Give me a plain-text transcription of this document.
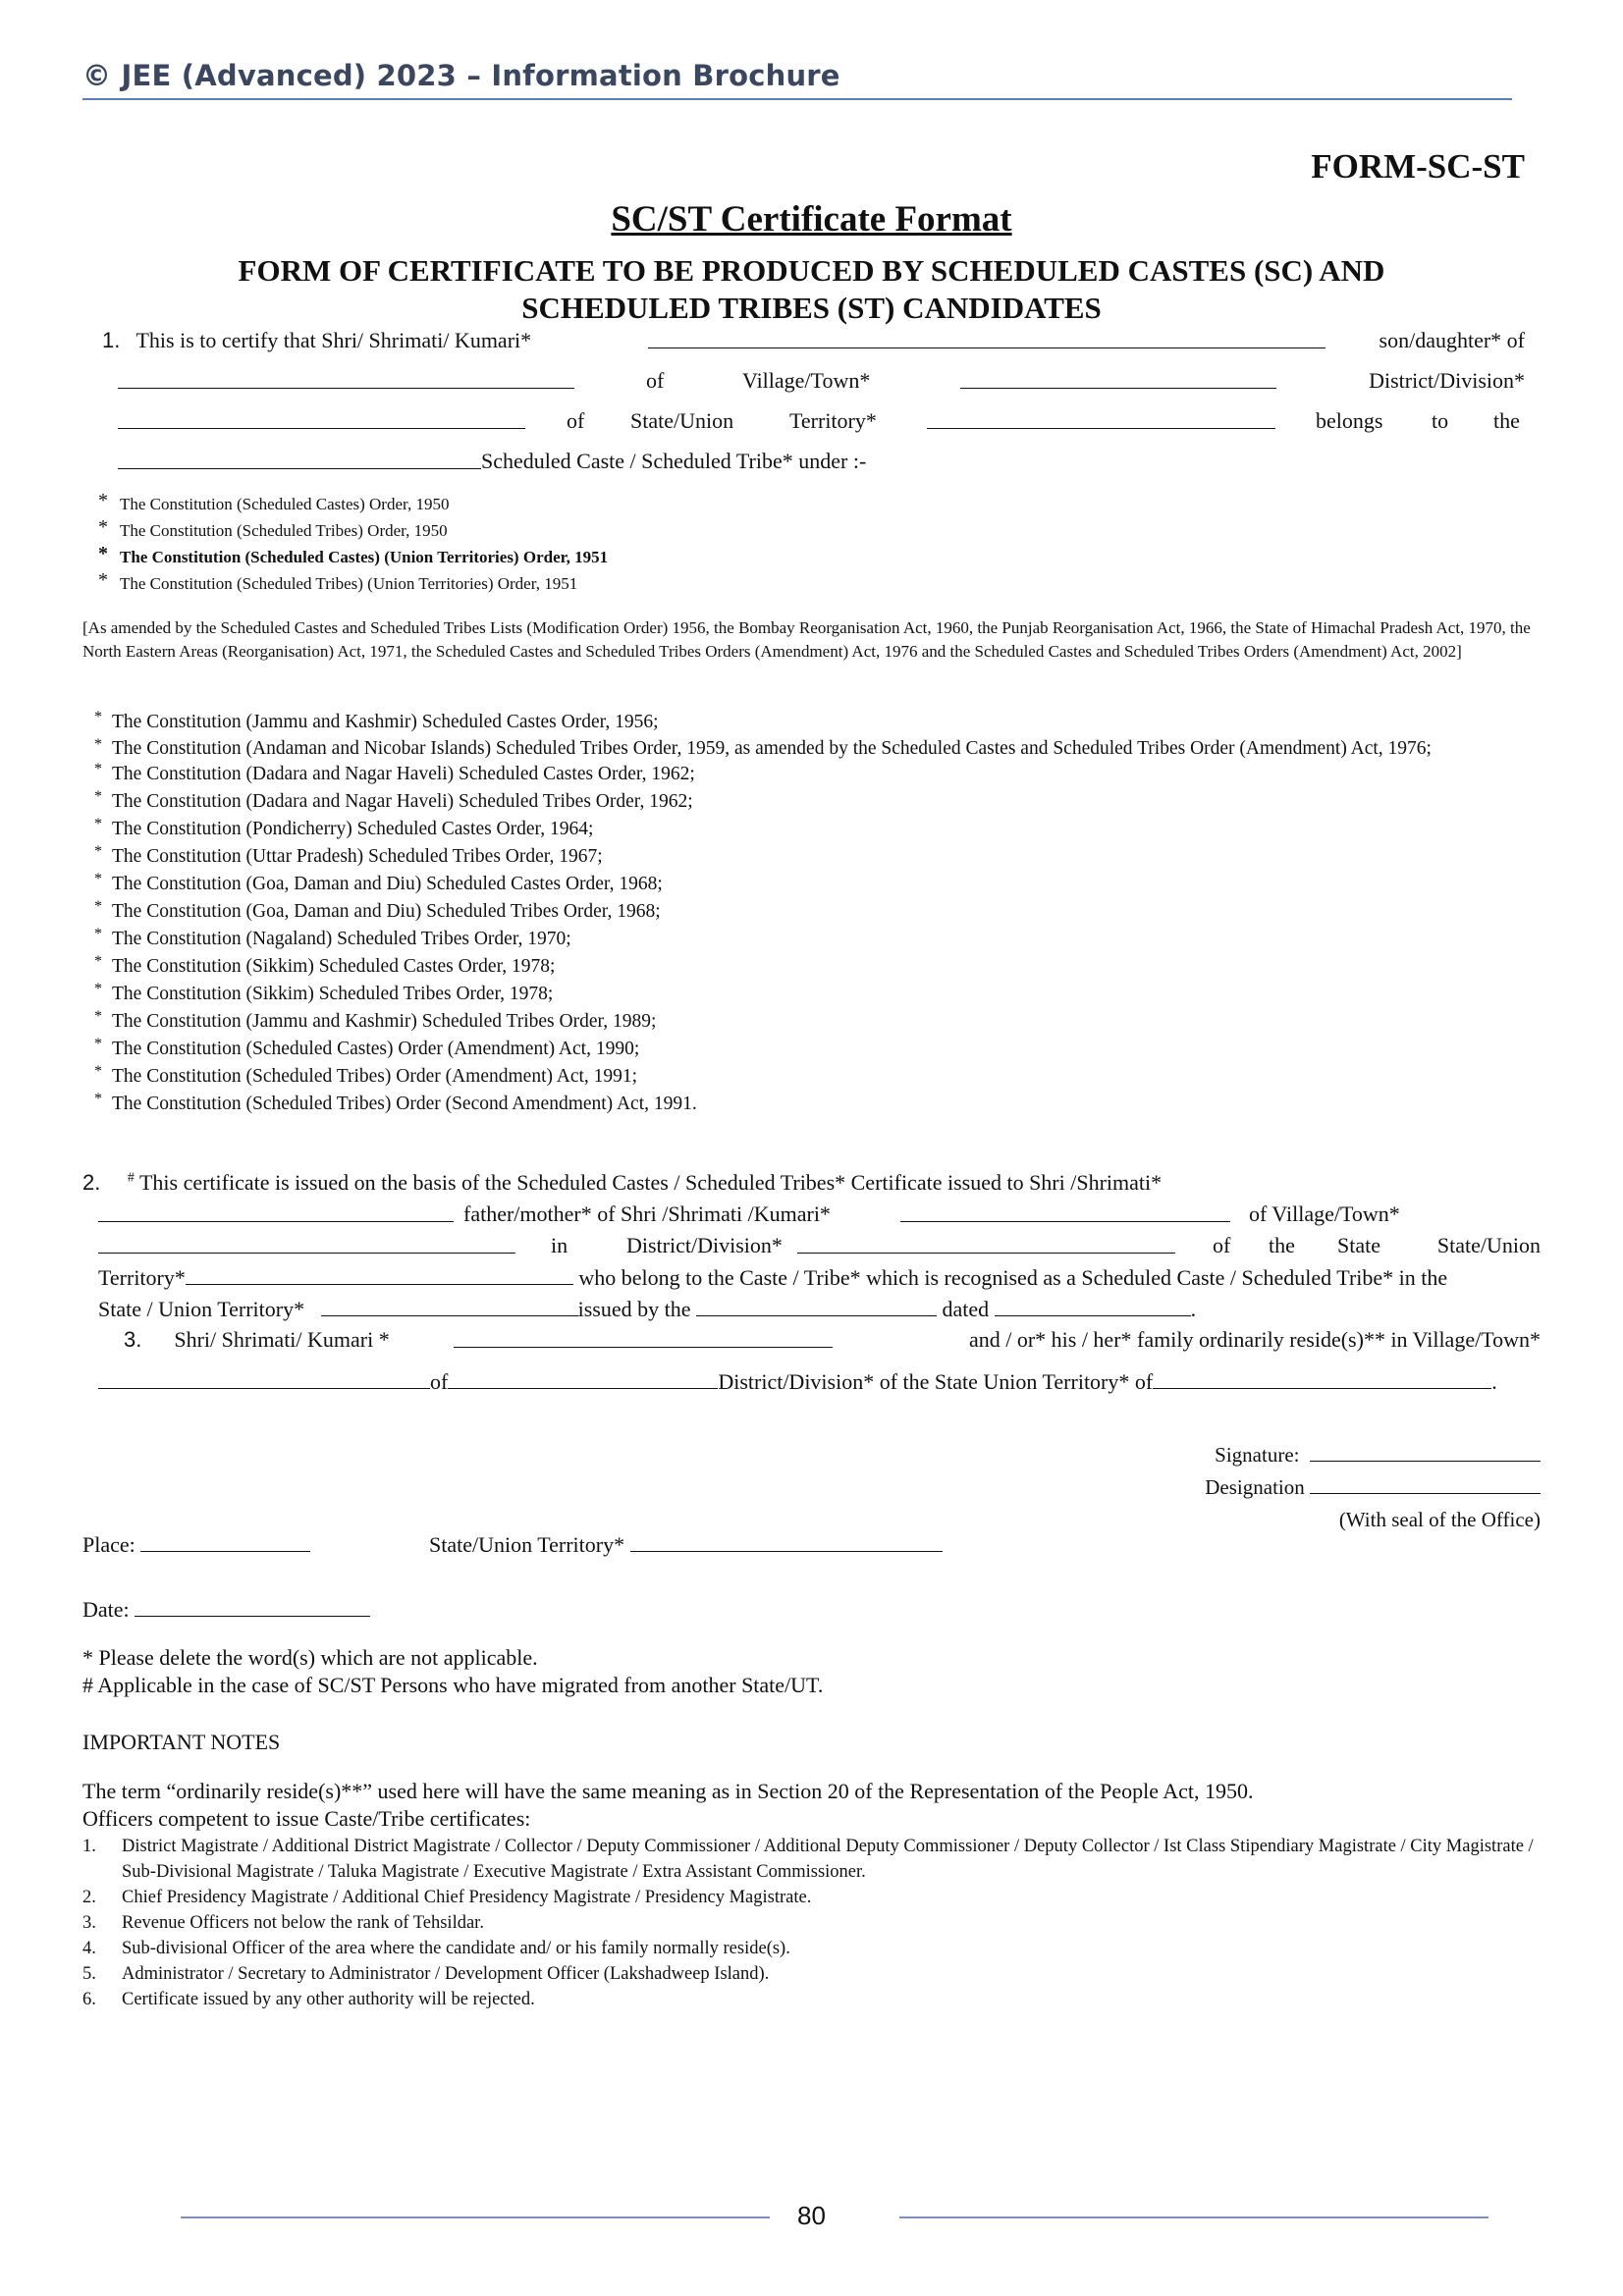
© JEE (Advanced) 2023 – Information Brochure
FORM-SC-ST
SC/ST Certificate Format
FORM OF CERTIFICATE TO BE PRODUCED BY SCHEDULED CASTES (SC) AND
SCHEDULED TRIBES (ST) CANDIDATES
1. This is to certify that Shri/ Shrimati/ Kumari*	son/daughter* of
of	Village/Town*	District/Division*
of State/Union	Territory*	belongs to the
Scheduled Caste / Scheduled Tribe* under :-
* The Constitution (Scheduled Castes) Order, 1950
* The Constitution (Scheduled Tribes) Order, 1950
* The Constitution (Scheduled Castes) (Union Territories) Order, 1951
* The Constitution (Scheduled Tribes) (Union Territories) Order, 1951
[As amended by the Scheduled Castes and Scheduled Tribes Lists (Modification Order) 1956, the Bombay Reorganisation Act, 1960, the Punjab Reorganisation Act, 1966, the State of Himachal Pradesh Act, 1970, the North Eastern Areas (Reorganisation) Act, 1971, the Scheduled Castes and Scheduled Tribes Orders (Amendment) Act, 1976 and the Scheduled Castes and Scheduled Tribes Orders (Amendment) Act, 2002]
* The Constitution (Jammu and Kashmir) Scheduled Castes Order, 1956;
* The Constitution (Andaman and Nicobar Islands) Scheduled Tribes Order, 1959, as amended by the Scheduled Castes and Scheduled Tribes Order (Amendment) Act, 1976;
* The Constitution (Dadara and Nagar Haveli) Scheduled Castes Order, 1962;
* The Constitution (Dadara and Nagar Haveli) Scheduled Tribes Order, 1962;
* The Constitution (Pondicherry) Scheduled Castes Order, 1964;
* The Constitution (Uttar Pradesh) Scheduled Tribes Order, 1967;
* The Constitution (Goa, Daman and Diu) Scheduled Castes Order, 1968;
* The Constitution (Goa, Daman and Diu) Scheduled Tribes Order, 1968;
* The Constitution (Nagaland) Scheduled Tribes Order, 1970;
* The Constitution (Sikkim) Scheduled Castes Order, 1978;
* The Constitution (Sikkim) Scheduled Tribes Order, 1978;
* The Constitution (Jammu and Kashmir) Scheduled Tribes Order, 1989;
* The Constitution (Scheduled Castes) Order (Amendment) Act, 1990;
* The Constitution (Scheduled Tribes) Order (Amendment) Act, 1991;
* The Constitution (Scheduled Tribes) Order (Second Amendment) Act, 1991.
2. # This certificate is issued on the basis of the Scheduled Castes / Scheduled Tribes* Certificate issued to Shri /Shrimati*
father/mother* of Shri /Shrimati /Kumari*	of Village/Town*
in	District/Division*	of the State	State/Union
Territory*	who belong to the Caste / Tribe* which is recognised as a Scheduled Caste / Scheduled Tribe* in the
State / Union Territory*	issued by the	dated	.
3. Shri/ Shrimati/ Kumari *	and / or* his / her* family ordinarily reside(s)** in Village/Town*
of	District/Division* of the State Union Territory* of	.
Signature:
Designation
(With seal of the Office)
Place:	State/Union Territory*
Date:
* Please delete the word(s) which are not applicable.
# Applicable in the case of SC/ST Persons who have migrated from another State/UT.
IMPORTANT NOTES
The term “ordinarily reside(s)**” used here will have the same meaning as in Section 20 of the Representation of the People Act, 1950.
Officers competent to issue Caste/Tribe certificates:
1. District Magistrate / Additional District Magistrate / Collector / Deputy Commissioner / Additional Deputy Commissioner / Deputy Collector / Ist Class Stipendiary Magistrate / City Magistrate / Sub-Divisional Magistrate / Taluka Magistrate / Executive Magistrate / Extra Assistant Commissioner.
2. Chief Presidency Magistrate / Additional Chief Presidency Magistrate / Presidency Magistrate.
3. Revenue Officers not below the rank of Tehsildar.
4. Sub-divisional Officer of the area where the candidate and/ or his family normally reside(s).
5. Administrator / Secretary to Administrator / Development Officer (Lakshadweep Island).
6. Certificate issued by any other authority will be rejected.
80
